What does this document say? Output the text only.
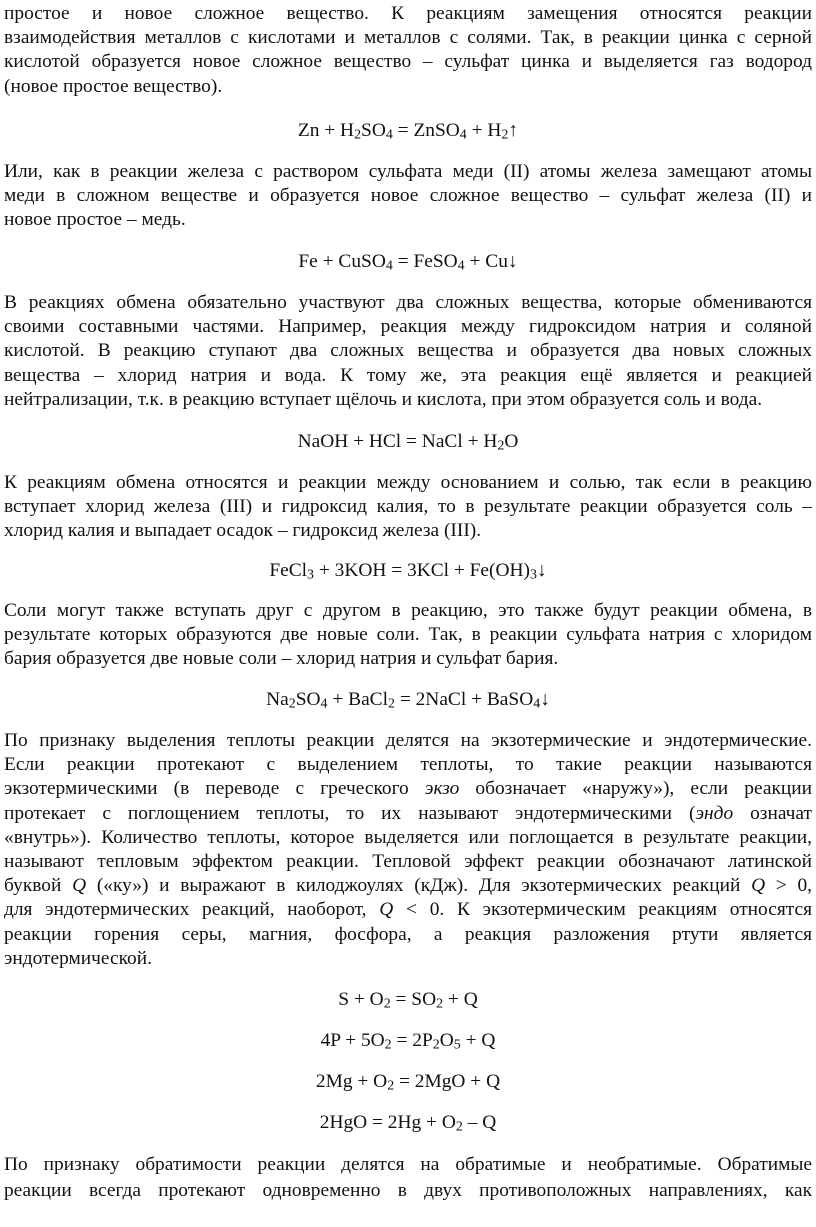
простое и новое сложное вещество. К реакциям замещения относятся реакции
взаимодействия металлов с кислотами и металлов с солями. Так, в реакции цинка с серной
кислотой образуется новое сложное вещество – сульфат цинка и выделяется газ водород
(новое простое вещество).

$Zn + H_2SO_4$ = ZnSO$_4$ + $H_2↑$

Или, как в реакции железа с раствором сульфата меди (II) атомы железа замещают атомы
меди в сложном веществе и образуется новое сложное вещество – сульфат железа (II) и
новое простое – медь.

Fe + CuSO$_4$ = FeSO$_4$ + Cu↓

В реакциях обмена обязательно участвуют два сложных вещества, которые обмениваются
своими составными частями. Например, реакция между гидроксидом натрия и соляной
кислотой. В реакцию ступают два сложных вещества и образуется два новых сложных
вещества – хлорид натрия и вода. К тому же, эта реакция ещё является и реакцией
нейтрализации, т.к. в реакцию вступает щёлочь и кислота, при этом образуется соль и вода.

NaOH + HCl = NaCl + $H_2O$

К реакциям обмена относятся и реакции между основанием и солью, так если в реакцию
вступает хлорид железа (III) и гидроксид калия, то в результате реакции образуется соль –
хлорид калия и выпадает осадок – гидроксид железа (III).

FeCl$_3$ + $3KOH = 3KCl + Fe(OH)_3↓$

Соли могут также вступать друг с другом в реакцию, это также будут реакции обмена, в
результате которых образуются две новые соли. Так, в реакции сульфата натрия с хлоридом
бария образуется две новые соли – хлорид натрия и сульфат бария.

$Na_2SO_4$ + BaCl$_2$ = 2NaCl + BaSO$_4$↓

По признаку выделения теплоты реакции делятся на экзотермические и эндотермические.
Если реакции протекают с выделением теплоты, то такие реакции называются
экзотермическими (в переводе с греческого экзо обозначает «наружу»), если реакции
протекает с поглощением теплоты, то их называют эндотермическими (эндо означат
«внутрь»). Количество теплоты, которое выделяется или поглощается в результате реакции,
называют тепловым эффектом реакции. Тепловой эффект реакции обозначают латинской
буквой Q («ку») и выражают в килоджоулях (кДж). Для экзотермических реакций Q > 0,
для эндотермических реакций, наоборот, Q < 0. К экзотермическим реакциям относятся
реакции горения серы, магния, фосфора, а реакция разложения ртути является
эндотермической.

$S + O_2 = SO_2 + Q$

$4P + 5O_2 = 2P_2O_5 + Q$

$2Mg + O_2 = 2MgO + Q$

$2HgO = 2Hg + O_2 - Q$

По признаку обратимости реакции делятся на обратимые и необратимые. Обратимые
реакции всегда протекают одновременно в двух противоположных направлениях, как
